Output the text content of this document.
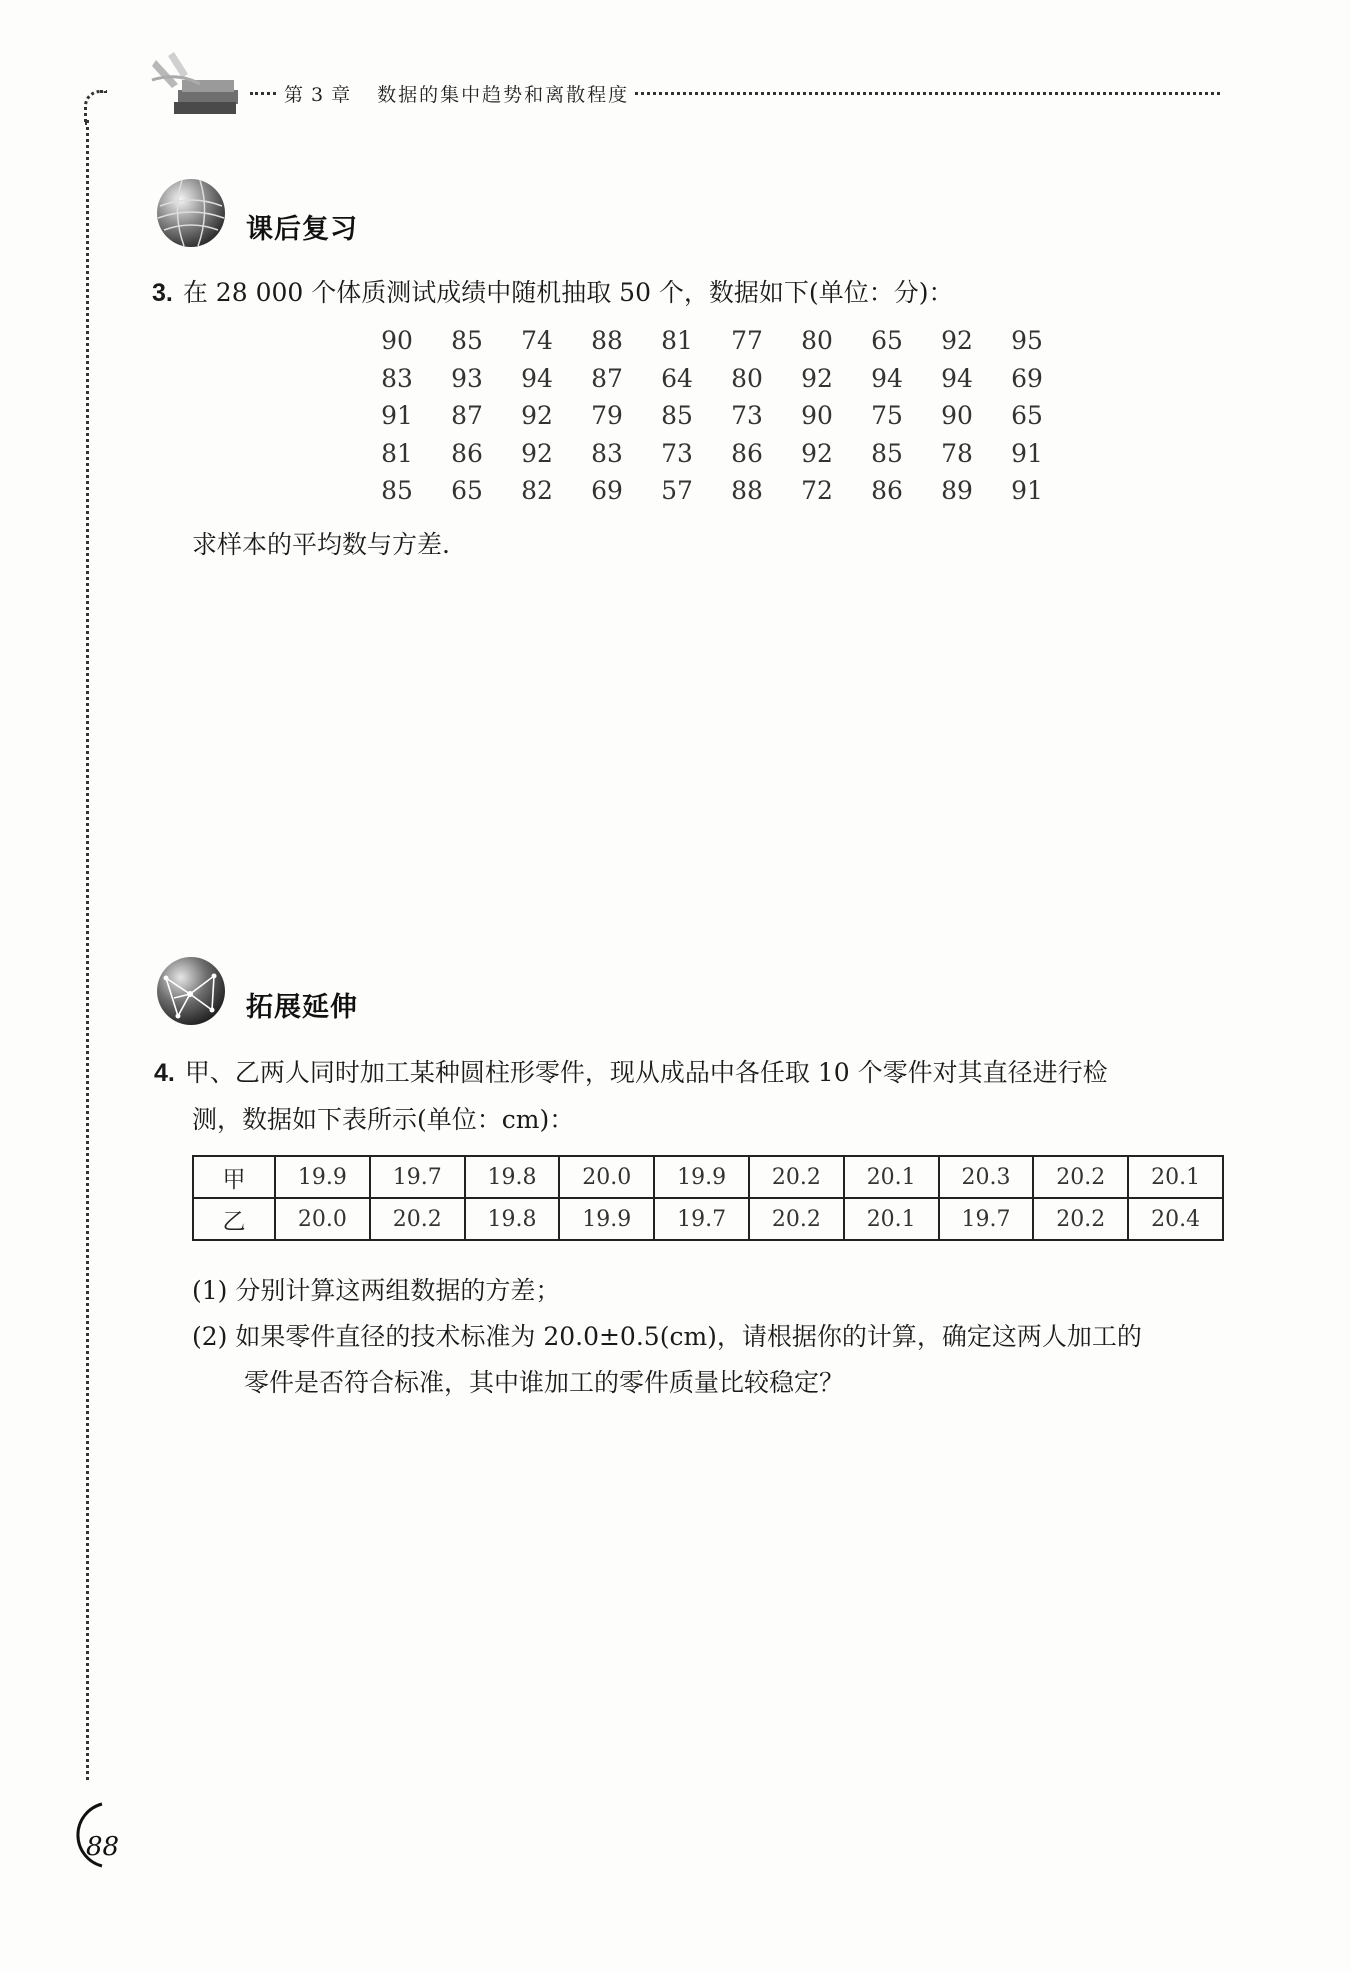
第 3 章 数据的集中趋势和离散程度
课后复习
3. 在 28 000 个体质测试成绩中随机抽取 50 个，数据如下(单位：分)：
90	85	74	88	81	77	80	65	92	95
83	93	94	87	64	80	92	94	94	69
91	87	92	79	85	73	90	75	90	65
81	86	92	83	73	86	92	85	78	91
85	65	82	69	57	88	72	86	89	91
求样本的平均数与方差.
拓展延伸
4. 甲、乙两人同时加工某种圆柱形零件，现从成品中各任取 10 个零件对其直径进行检
测，数据如下表所示(单位：cm)：
甲	19.9	19.7	19.8	20.0	19.9	20.2	20.1	20.3	20.2	20.1
乙	20.0	20.2	19.8	19.9	19.7	20.2	20.1	19.7	20.2	20.4
(1) 分别计算这两组数据的方差；
(2) 如果零件直径的技术标准为 20.0±0.5(cm)，请根据你的计算，确定这两人加工的
零件是否符合标准，其中谁加工的零件质量比较稳定？
88
